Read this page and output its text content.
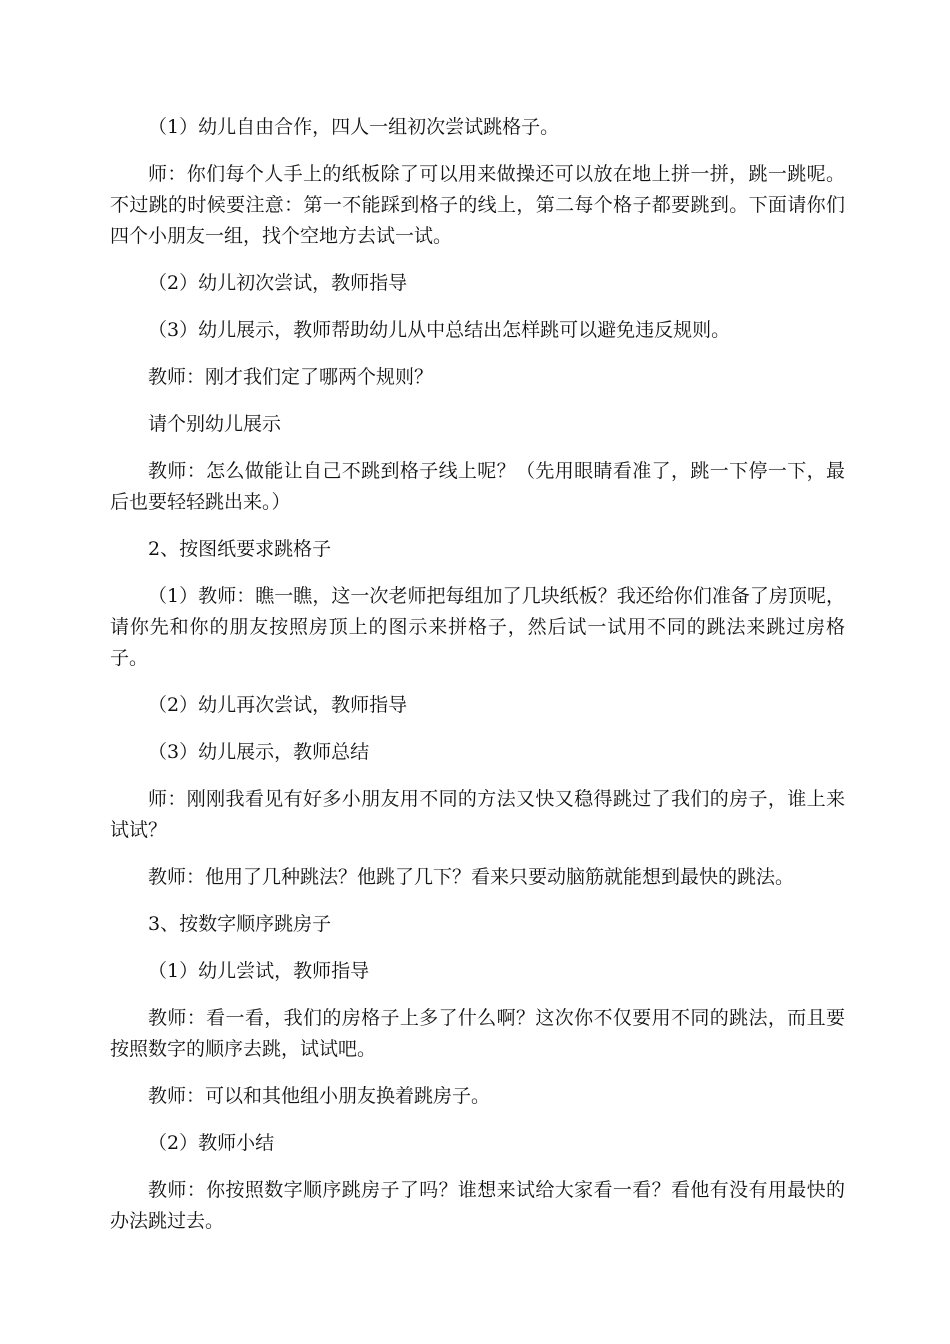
（1）幼儿自由合作，四人一组初次尝试跳格子。

师：你们每个人手上的纸板除了可以用来做操还可以放在地上拼一拼，跳一跳呢。不过跳的时候要注意：第一不能踩到格子的线上，第二每个格子都要跳到。下面请你们四个小朋友一组，找个空地方去试一试。

（2）幼儿初次尝试，教师指导

（3）幼儿展示，教师帮助幼儿从中总结出怎样跳可以避免违反规则。

教师：刚才我们定了哪两个规则？

请个别幼儿展示

教师：怎么做能让自己不跳到格子线上呢？（先用眼睛看准了，跳一下停一下，最后也要轻轻跳出来。）

2、按图纸要求跳格子

（1）教师：瞧一瞧，这一次老师把每组加了几块纸板？我还给你们准备了房顶呢，请你先和你的朋友按照房顶上的图示来拼格子，然后试一试用不同的跳法来跳过房格子。

（2）幼儿再次尝试，教师指导

（3）幼儿展示，教师总结

师：刚刚我看见有好多小朋友用不同的方法又快又稳得跳过了我们的房子，谁上来试试？

教师：他用了几种跳法？他跳了几下？看来只要动脑筋就能想到最快的跳法。

3、按数字顺序跳房子

（1）幼儿尝试，教师指导

教师：看一看，我们的房格子上多了什么啊？这次你不仅要用不同的跳法，而且要按照数字的顺序去跳，试试吧。

教师：可以和其他组小朋友换着跳房子。

（2）教师小结

教师：你按照数字顺序跳房子了吗？谁想来试给大家看一看？看他有没有用最快的办法跳过去。
